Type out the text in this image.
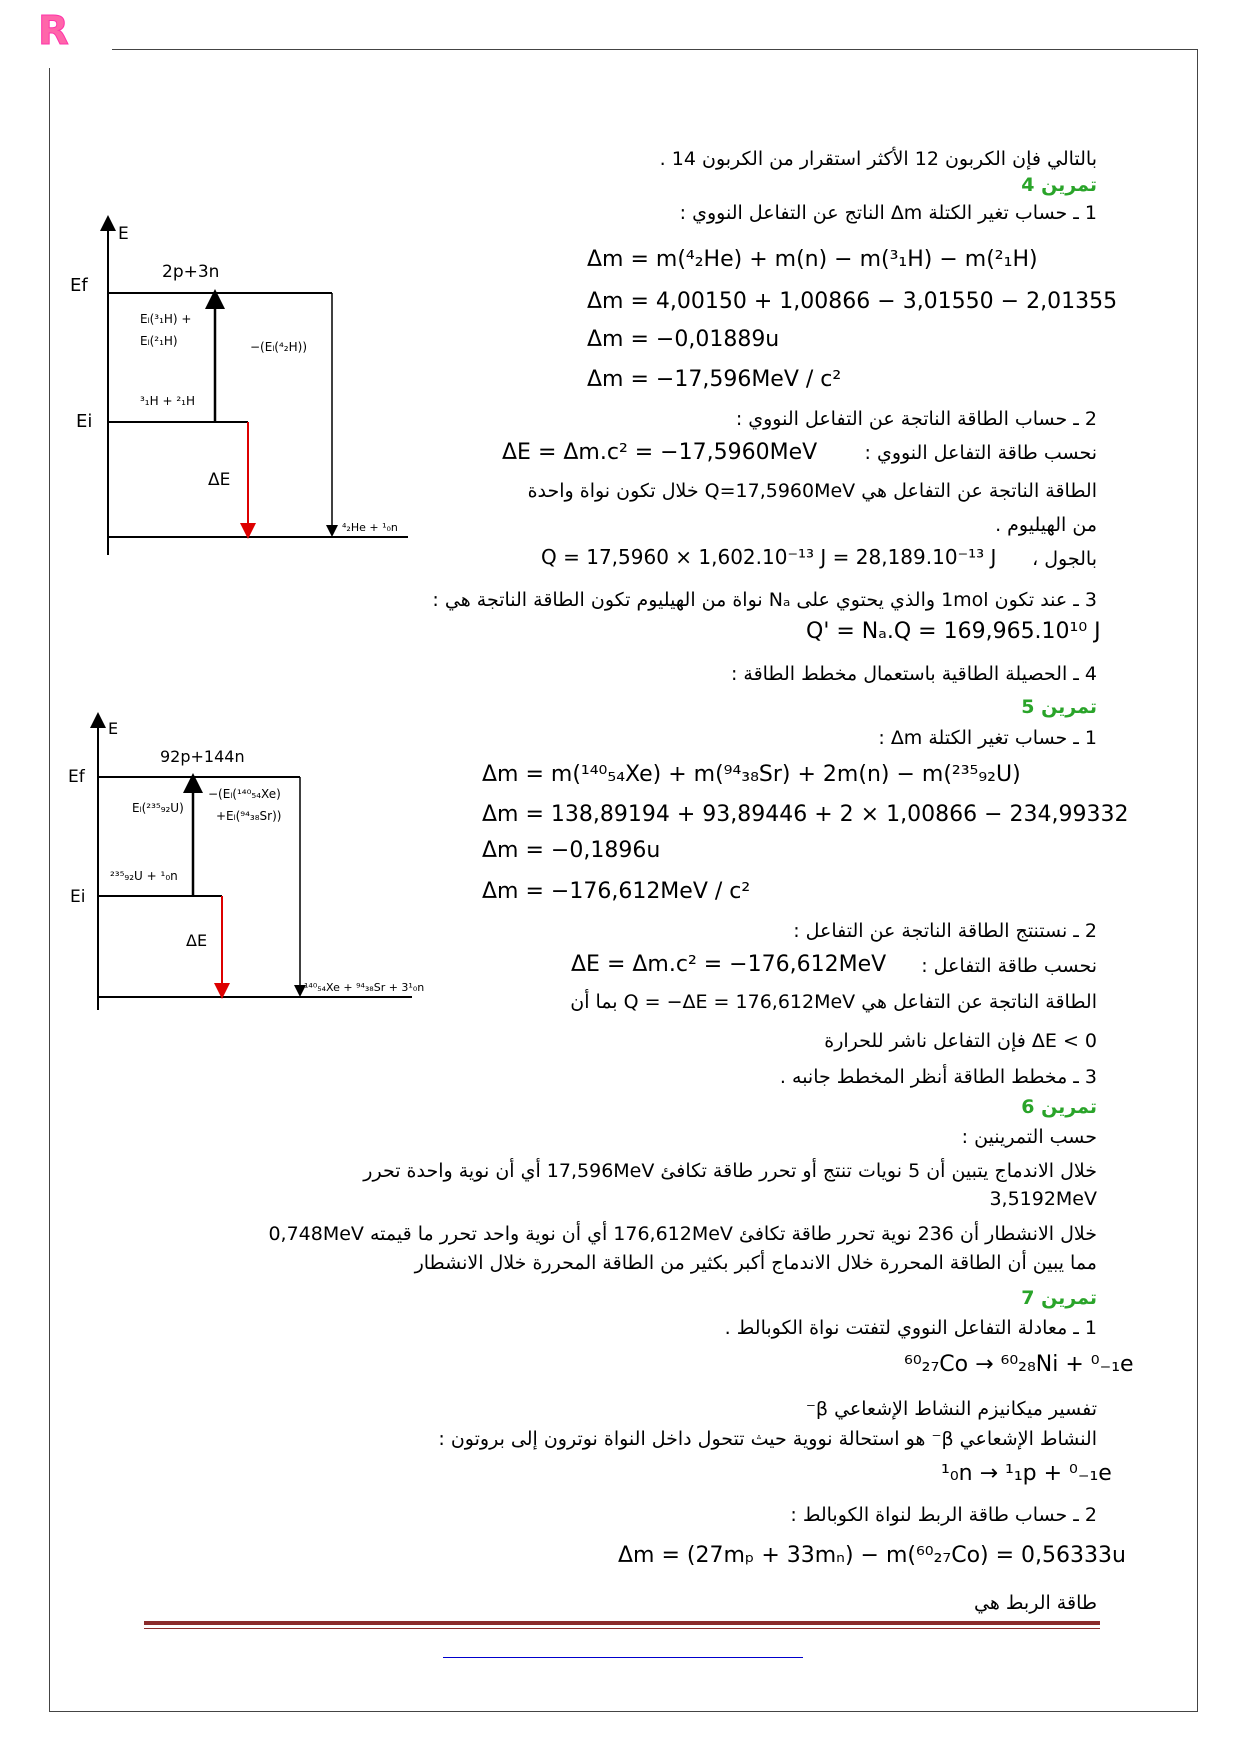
R
بالتالي فإن الكربون 12 الأكثر استقرار من الكربون 14 .
تمرين 4
1 ـ حساب تغير الكتلة Δm الناتج عن التفاعل النووي :
Δm = m(⁴₂He) + m(n) − m(³₁H) − m(²₁H)
Δm = 4,00150 + 1,00866 − 3,01550 − 2,01355
Δm = −0,01889u
Δm = −17,596MeV / c²
2 ـ حساب الطاقة الناتجة عن التفاعل النووي :
نحسب طاقة التفاعل النووي :
ΔE = Δm.c² = −17,5960MeV
الطاقة الناتجة عن التفاعل هي Q=17,5960MeV خلال تكون نواة واحدة
من الهيليوم .
بالجول ،
Q = 17,5960 × 1,602.10⁻¹³ J = 28,189.10⁻¹³ J
3 ـ عند تكون 1mol والذي يحتوي على Nₐ نواة من الهيليوم تكون الطاقة الناتجة هي :
Q' = Nₐ.Q = 169,965.10¹⁰ J
4 ـ الحصيلة الطاقية باستعمال مخطط الطاقة :
تمرين 5
1 ـ حساب تغير الكتلة Δm :
Δm = m(¹⁴⁰₅₄Xe) + m(⁹⁴₃₈Sr) + 2m(n) − m(²³⁵₉₂U)
Δm = 138,89194 + 93,89446 + 2 × 1,00866 − 234,99332
Δm = −0,1896u
Δm = −176,612MeV / c²
2 ـ نستنتج الطاقة الناتجة عن التفاعل :
نحسب طاقة التفاعل :
ΔE = Δm.c² = −176,612MeV
الطاقة الناتجة عن التفاعل هي Q = −ΔE = 176,612MeV بما أن
ΔE < 0 فإن التفاعل ناشر للحرارة
3 ـ مخطط الطاقة أنظر المخطط جانبه .
تمرين 6
حسب التمرينين :
خلال الاندماج يتبين أن 5 نويات تنتج أو تحرر طاقة تكافئ 17,596MeV أي أن نوية واحدة تحرر
3,5192MeV
خلال الانشطار أن 236 نوية تحرر طاقة تكافئ 176,612MeV أي أن نوية واحد تحرر ما قيمته 0,748MeV
مما يبين أن الطاقة المحررة خلال الاندماج أكبر بكثير من الطاقة المحررة خلال الانشطار
تمرين 7
1 ـ معادلة التفاعل النووي لتفتت نواة الكوبالط .
⁶⁰₂₇Co → ⁶⁰₂₈Ni + ⁰₋₁e
تفسير ميكانيزم النشاط الإشعاعي β⁻
النشاط الإشعاعي β⁻ هو استحالة نووية حيث تتحول داخل النواة نوترون إلى بروتون :
¹₀n → ¹₁p + ⁰₋₁e
2 ـ حساب طاقة الربط لنواة الكوبالط :
Δm = (27mₚ + 33mₙ) − m(⁶⁰₂₇Co) = 0,56333u
طاقة الربط هي
E
Ef
Ei
2p+3n
Eₗ(³₁H) +
Eₗ(²₁H)	−(Eₗ(⁴₂H))
³₁H + ²₁H
ΔE
⁴₂He + ¹₀n
E
Ef
Ei
92p+144n
Eₗ(²³⁵₉₂U)
−(Eₗ(¹⁴⁰₅₄Xe)
+Eₗ(⁹⁴₃₈Sr))
²³⁵₉₂U + ¹₀n
ΔE
¹⁴⁰₅₄Xe + ⁹⁴₃₈Sr + 3¹₀n
